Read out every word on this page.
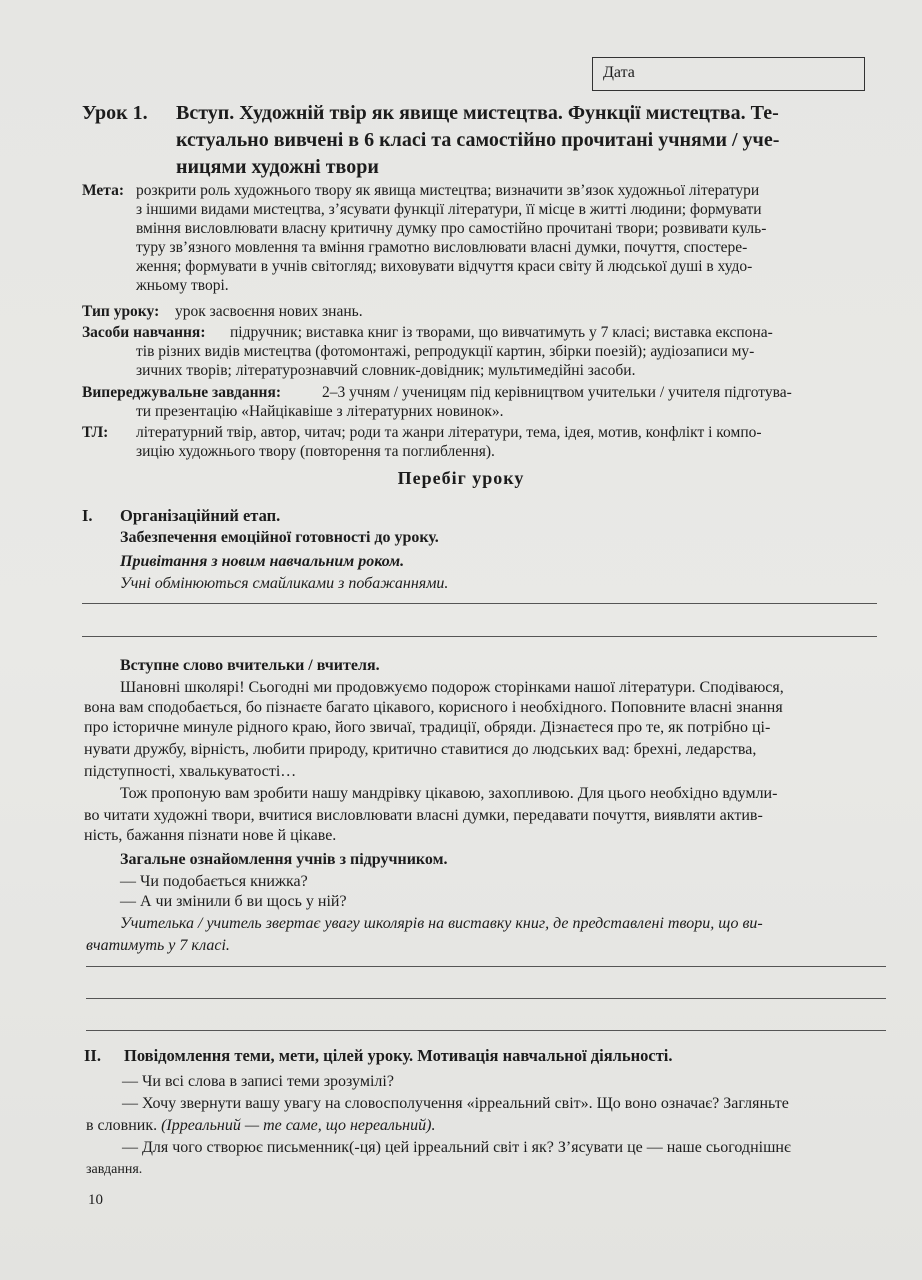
Дата
Урок 1. Вступ. Художній твір як явище мистецтва. Функції мистецтва. Те-
кстуально вивчені в 6 класі та самостійно прочитані учнями / уче-
ницями художні твори
Мета: розкрити роль художнього твору як явища мистецтва; визначити зв’язок художньої літератури
з іншими видами мистецтва, з’ясувати функції літератури, її місце в житті людини; формувати
вміння висловлювати власну критичну думку про самостійно прочитані твори; розвивати куль-
туру зв’язного мовлення та вміння грамотно висловлювати власні думки, почуття, спостере-
ження; формувати в учнів світогляд; виховувати відчуття краси світу й людської душі в худо-
жньому творі.
Тип уроку: урок засвоєння нових знань.
Засоби навчання: підручник; виставка книг із творами, що вивчатимуть у 7 класі; виставка експона-
тів різних видів мистецтва (фотомонтажі, репродукції картин, збірки поезій); аудіозаписи му-
зичних творів; літературознавчий словник-довідник; мультимедійні засоби.
Випереджувальне завдання:	2–3 учням / ученицям під керівництвом учительки / учителя підготува-
ти презентацію «Найцікавіше з літературних новинок».
ТЛ: літературний твір, автор, читач; роди та жанри літератури, тема, ідея, мотив, конфлікт і компо-
зицію художнього твору (повторення та поглиблення).
Перебіг уроку
I. Організаційний етап.
Забезпечення емоційної готовності до уроку.
Привітання з новим навчальним роком.
Учні обмінюються смайликами з побажаннями.
Вступне слово вчительки / вчителя.
Шановні школярі! Сьогодні ми продовжуємо подорож сторінками нашої літератури. Сподіваюся,
вона вам сподобається, бо пізнаєте багато цікавого, корисного і необхідного. Поповните власні знання
про історичне минуле рідного краю, його звичаї, традиції, обряди. Дізнаєтеся про те, як потрібно ці-
нувати дружбу, вірність, любити природу, критично ставитися до людських вад: брехні, ледарства,
підступності, хвалькуватості…
Тож пропоную вам зробити нашу мандрівку цікавою, захопливою. Для цього необхідно вдумли-
во читати художні твори, вчитися висловлювати власні думки, передавати почуття, виявляти актив-
ність, бажання пізнати нове й цікаве.
Загальне ознайомлення учнів з підручником.
— Чи подобається книжка?
— А чи змінили б ви щось у ній?
Учителька / учитель звертає увагу школярів на виставку книг, де представлені твори, що ви-
вчатимуть у 7 класі.
II. Повідомлення теми, мети, цілей уроку. Мотивація навчальної діяльності.
— Чи всі слова в записі теми зрозумілі?
— Хочу звернути вашу увагу на словосполучення «ірреальний світ». Що воно означає? Загляньте
в словник. (Ірреальний — те саме, що нереальний).
— Для чого створює письменник(-ця) цей ірреальний світ і як? З’ясувати це — наше сьогоднішнє
завдання.
10
